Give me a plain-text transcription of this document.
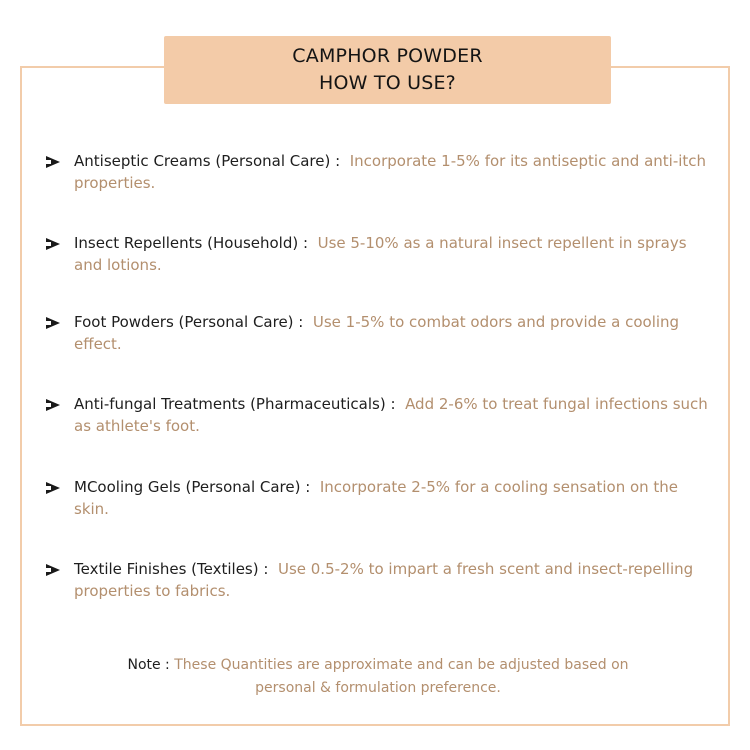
CAMPHOR POWDER
HOW TO USE?
Antiseptic Creams (Personal Care) : Incorporate 1-5% for its antiseptic and anti-itch properties.
Insect Repellents (Household) : Use 5-10% as a natural insect repellent in sprays and lotions.
Foot Powders (Personal Care) : Use 1-5% to combat odors and provide a cooling effect.
Anti-fungal Treatments (Pharmaceuticals) : Add 2-6% to treat fungal infections such as athlete's foot.
MCooling Gels (Personal Care) : Incorporate 2-5% for a cooling sensation on the skin.
Textile Finishes (Textiles) : Use 0.5-2% to impart a fresh scent and insect-repelling properties to fabrics.
Note : These Quantities are approximate and can be adjusted based on personal & formulation preference.
